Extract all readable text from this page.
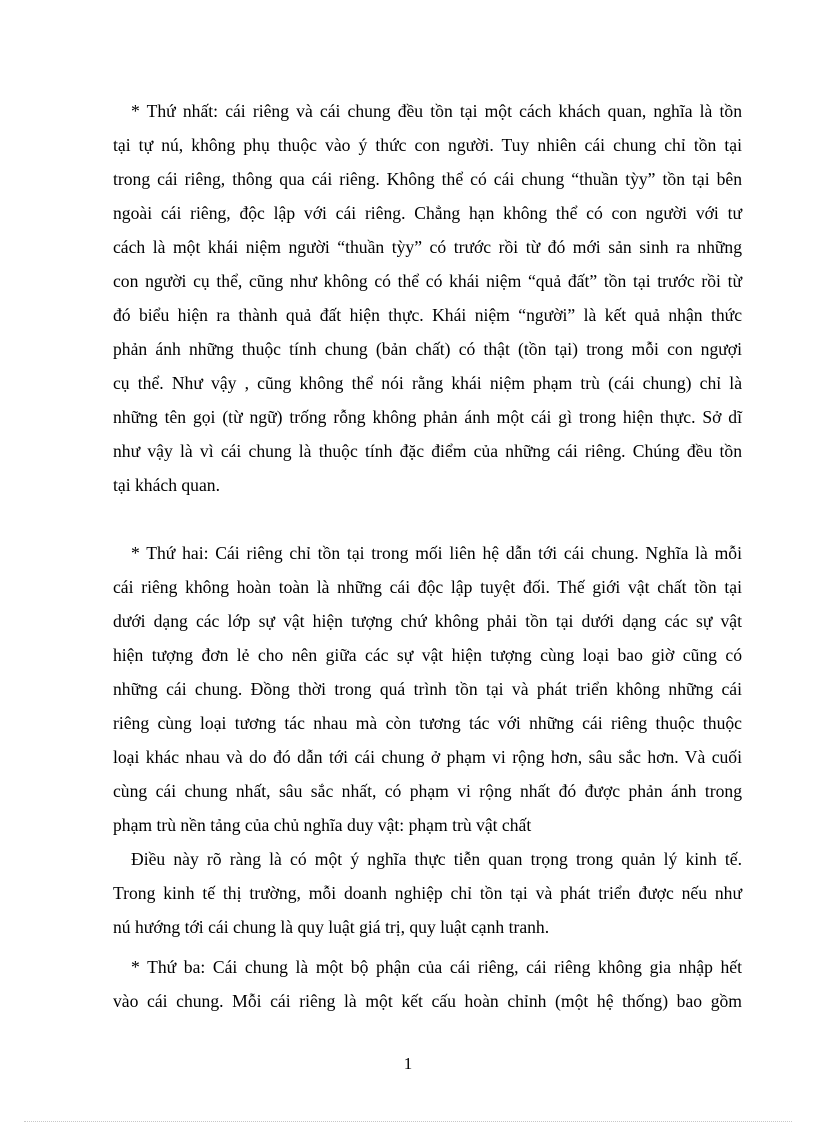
* Thứ nhất: cái riêng và cái chung đều tồn tại một cách khách quan, nghĩa là tồn
tại tự nú, không phụ thuộc vào ý thức con người. Tuy nhiên cái chung chỉ tồn tại
trong cái riêng, thông qua cái riêng. Không thể có cái chung “thuần tỳy” tồn tại bên
ngoài cái riêng, độc lập với cái riêng. Chẳng hạn không thể có con người với tư
cách là một khái niệm người “thuần tỳy” có trước rồi từ đó mới sản sinh ra những
con người cụ thể, cũng như không có thể có khái niệm “quả đất” tồn tại trước rồi từ
đó biểu hiện ra thành quả đất hiện thực. Khái niệm “người” là kết quả nhận thức
phản ánh những thuộc tính chung (bản chất) có thật (tồn tại) trong mỗi con ngượi
cụ thể. Như vậy , cũng không thể nói rằng khái niệm phạm trù (cái chung) chỉ là
những tên gọi (từ ngữ) trống rỗng không phản ánh một cái gì trong hiện thực. Sở dĩ
như vậy là vì cái chung là thuộc tính đặc điểm của những cái riêng. Chúng đều tồn
tại khách quan.
* Thứ hai: Cái riêng chỉ tồn tại trong mối liên hệ dẫn tới cái chung. Nghĩa là mỗi
cái riêng không hoàn toàn là những cái độc lập tuyệt đối. Thế giới vật chất tồn tại
dưới dạng các lớp sự vật hiện tượng chứ không phải tồn tại dưới dạng các sự vật
hiện tượng đơn lẻ cho nên giữa các sự vật hiện tượng cùng loại bao giờ cũng có
những cái chung. Đồng thời trong quá trình tồn tại và phát triển không những cái
riêng cùng loại tương tác nhau mà còn tương tác với những cái riêng thuộc thuộc
loại khác nhau và do đó dẫn tới cái chung ở phạm vi rộng hơn, sâu sắc hơn. Và cuối
cùng cái chung nhất, sâu sắc nhất, có phạm vi rộng nhất đó được phản ánh trong
phạm trù nền tảng của chủ nghĩa duy vật: phạm trù vật chất
Điều này rõ ràng là có một ý nghĩa thực tiễn quan trọng trong quản lý kinh tế.
Trong kinh tế thị trường, mỗi doanh nghiệp chỉ tồn tại và phát triển được nếu như
nú hướng tới cái chung là quy luật giá trị, quy luật cạnh tranh.
* Thứ ba: Cái chung là một bộ phận của cái riêng, cái riêng không gia nhập hết
vào cái chung. Mỗi cái riêng là một kết cấu hoàn chỉnh (một hệ thống) bao gồm
1
